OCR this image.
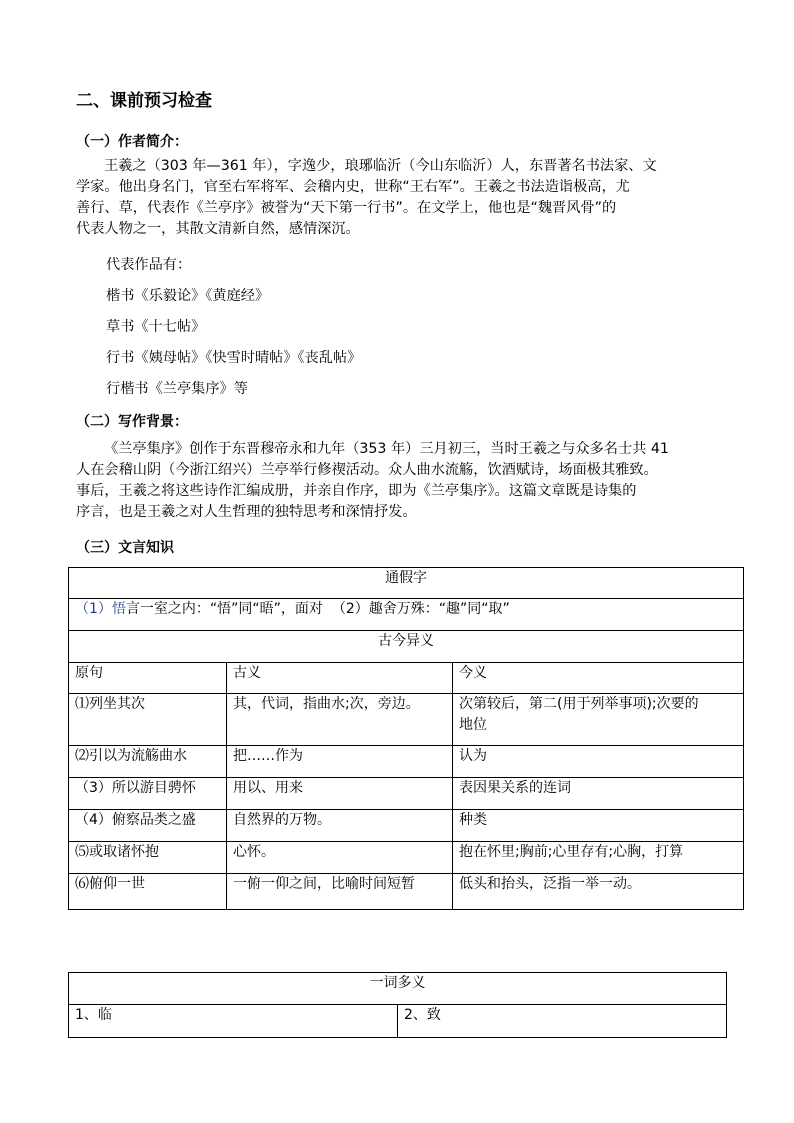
二、课前预习检查
（一）作者简介：
王羲之（303 年—361 年），字逸少，琅琊临沂（今山东临沂）人，东晋著名书法家、文
学家。他出身名门，官至右军将军、会稽内史，世称“王右军”。王羲之书法造诣极高，尤
善行、草，代表作《兰亭序》被誉为“天下第一行书”。在文学上，他也是“魏晋风骨”的
代表人物之一，其散文清新自然，感情深沉。
代表作品有：
楷书《乐毅论》《黄庭经》
草书《十七帖》
行书《姨母帖》《快雪时晴帖》《丧乱帖》
行楷书《兰亭集序》等
（二）写作背景：
《兰亭集序》创作于东晋穆帝永和九年（353 年）三月初三，当时王羲之与众多名士共 41
人在会稽山阴（今浙江绍兴）兰亭举行修禊活动。众人曲水流觞，饮酒赋诗，场面极其雅致。
事后，王羲之将这些诗作汇编成册，并亲自作序，即为《兰亭集序》。这篇文章既是诗集的
序言，也是王羲之对人生哲理的独特思考和深情抒发。
（三）文言知识
通假字		
（1）悟言一室之内：“悟”同“晤”，面对 （2）趣舍万殊：“趣”同“取”		
古今异义		
原句	古义	今义
⑴列坐其次	其，代词，指曲水;次，旁边。	次第较后，第二(用于列举事项);次要的
地位

⑵引以为流觞曲水	把……作为	认为
（3）所以游目骋怀	用以、用来	表因果关系的连词
（4）俯察品类之盛	自然界的万物。	种类
⑸或取诸怀抱	心怀。	抱在怀里;胸前;心里存有;心胸，打算
⑹俯仰一世	一俯一仰之间，比喻时间短暂	低头和抬头，泛指一举一动。
一词多义
1、临	2、致
